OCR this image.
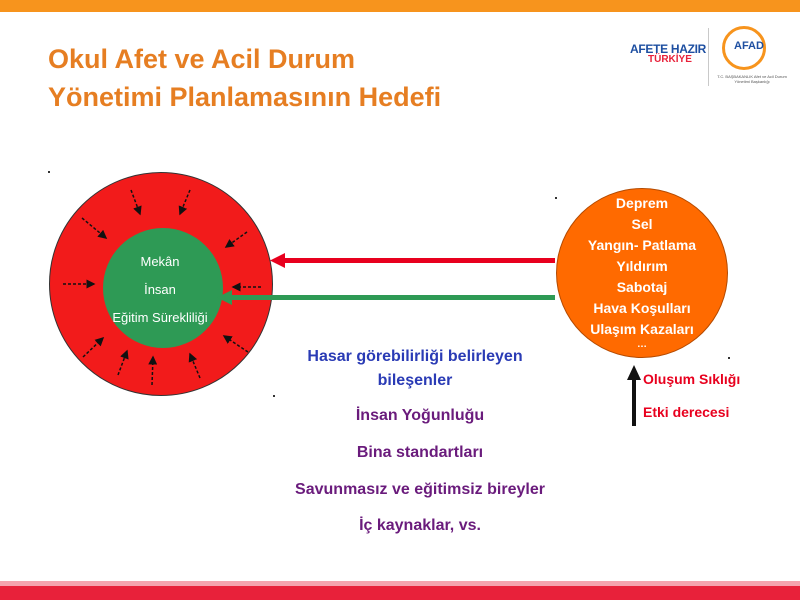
Okul Afet ve Acil Durum
Yönetimi Planlamasının Hedefi
AFETE HAZIR
TÜRKİYE
AFAD
T.C. BAŞBAKANLIK Afet ve Acil Durum Yönetimi Başkanlığı
Mekân
İnsan
Eğitim Sürekliliği
Deprem
Sel
Yangın- Patlama
Yıldırım
Sabotaj
Hava Koşulları
Ulaşım Kazaları
…
Hasar görebilirliği belirleyen
bileşenler
İnsan Yoğunluğu
Bina standartları
Savunmasız ve eğitimsiz bireyler
İç kaynaklar, vs.
Oluşum Sıklığı
Etki derecesi
